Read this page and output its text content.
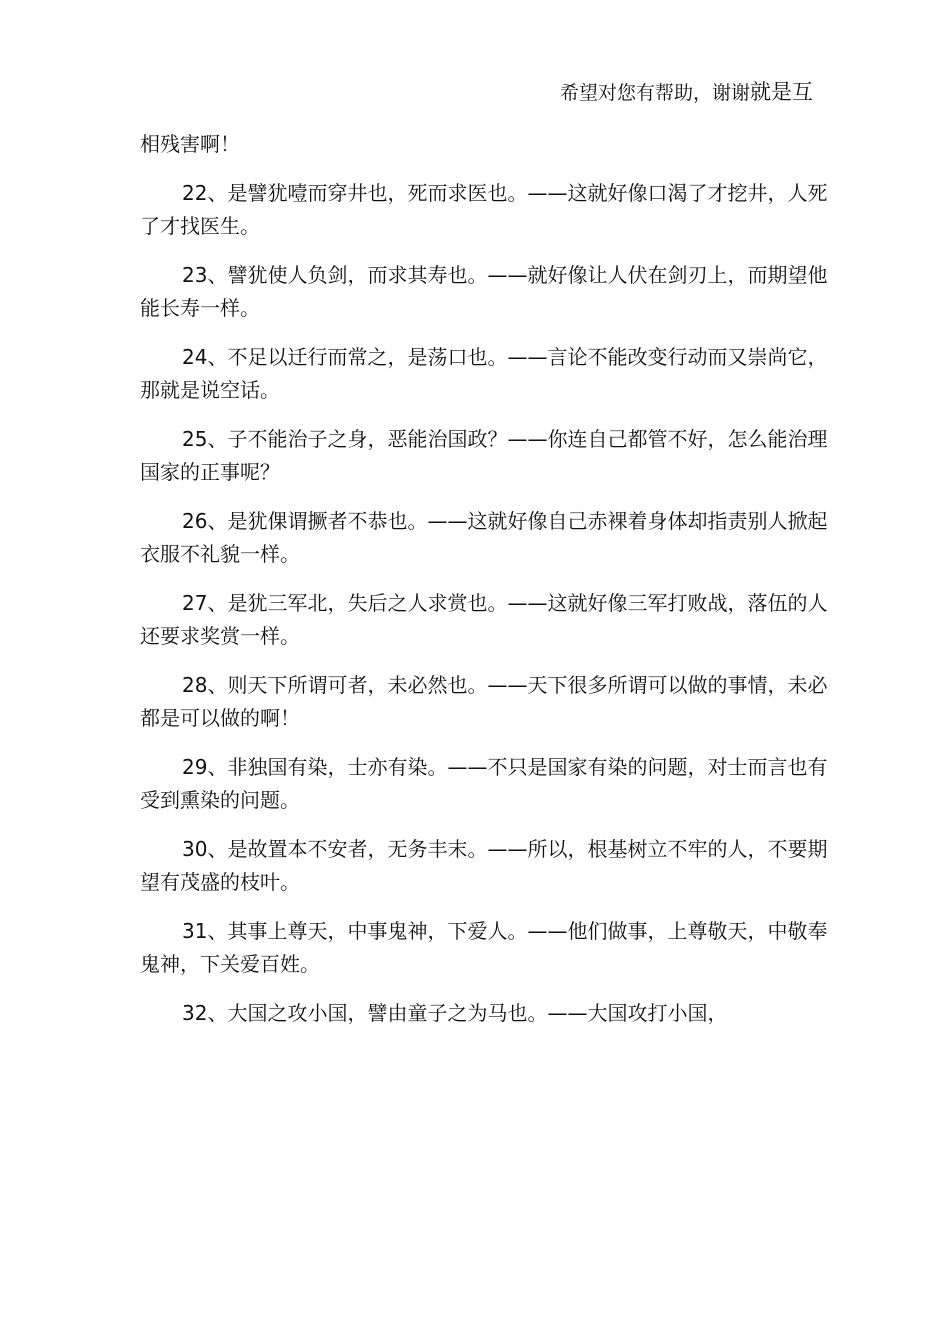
希望对您有帮助，谢谢就是互

相残害啊！

22、是譬犹噎而穿井也，死而求医也。——这就好像口渴了才挖井，人死了才找医生。

23、譬犹使人负剑，而求其寿也。——就好像让人伏在剑刃上，而期望他能长寿一样。

24、不足以迁行而常之，是荡口也。——言论不能改变行动而又崇尚它，那就是说空话。

25、子不能治子之身，恶能治国政？——你连自己都管不好，怎么能治理国家的正事呢？

26、是犹倮谓撅者不恭也。——这就好像自己赤裸着身体却指责别人掀起衣服不礼貌一样。

27、是犹三军北，失后之人求赏也。——这就好像三军打败战，落伍的人还要求奖赏一样。

28、则天下所谓可者，未必然也。——天下很多所谓可以做的事情，未必都是可以做的啊！

29、非独国有染，士亦有染。——不只是国家有染的问题，对士而言也有受到熏染的问题。

30、是故置本不安者，无务丰末。——所以，根基树立不牢的人，不要期望有茂盛的枝叶。

31、其事上尊天，中事鬼神，下爱人。——他们做事，上尊敬天，中敬奉鬼神，下关爱百姓。

32、大国之攻小国，譬由童子之为马也。——大国攻打小国，
